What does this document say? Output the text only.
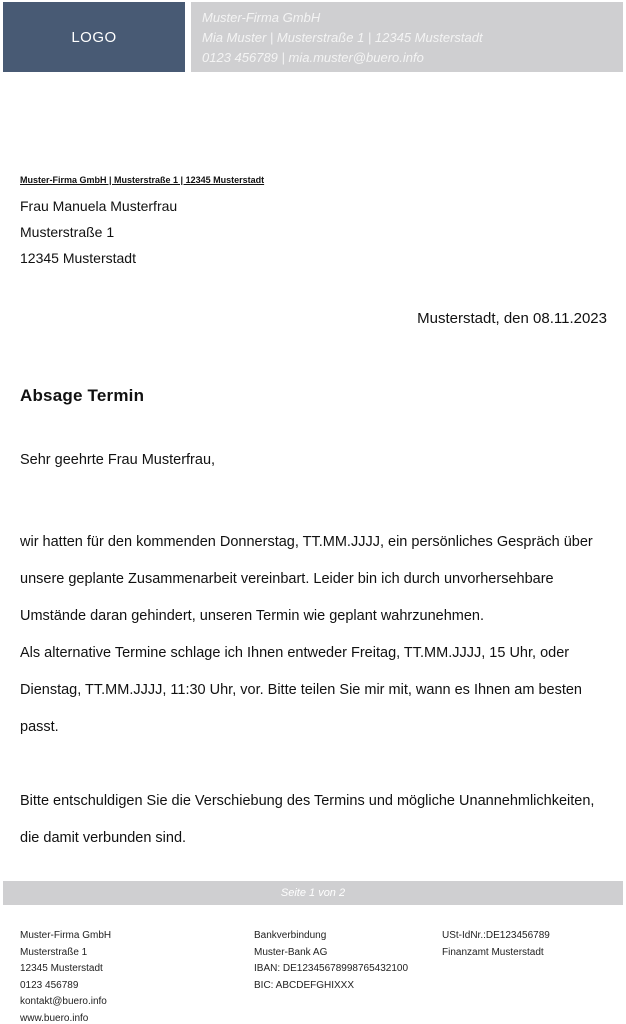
LOGO
Muster-Firma GmbH
Mia Muster | Musterstraße 1 | 12345 Musterstadt
0123 456789 | mia.muster@buero.info
Muster-Firma GmbH | Musterstraße 1 | 12345 Musterstadt
Frau Manuela Musterfrau
Musterstraße 1
12345 Musterstadt
Musterstadt, den 08.11.2023
Absage Termin
Sehr geehrte Frau Musterfrau,

wir hatten für den kommenden Donnerstag, TT.MM.JJJJ, ein persönliches Gespräch über unsere geplante Zusammenarbeit vereinbart. Leider bin ich durch unvorhersehbare Umstände daran gehindert, unseren Termin wie geplant wahrzunehmen.

Als alternative Termine schlage ich Ihnen entweder Freitag, TT.MM.JJJJ, 15 Uhr, oder Dienstag, TT.MM.JJJJ, 11:30 Uhr, vor. Bitte teilen Sie mir mit, wann es Ihnen am besten passt.

Bitte entschuldigen Sie die Verschiebung des Termins und mögliche Unannehmlichkeiten, die damit verbunden sind.

Seite 1 von 2
Muster-Firma GmbH
Musterstraße 1
12345 Musterstadt
0123 456789
kontakt@buero.info
www.buero.info
Bankverbindung
Muster-Bank AG
IBAN: DE12345678998765432100
BIC: ABCDEFGHIXXX
USt-IdNr.:DE123456789
Finanzamt Musterstadt
